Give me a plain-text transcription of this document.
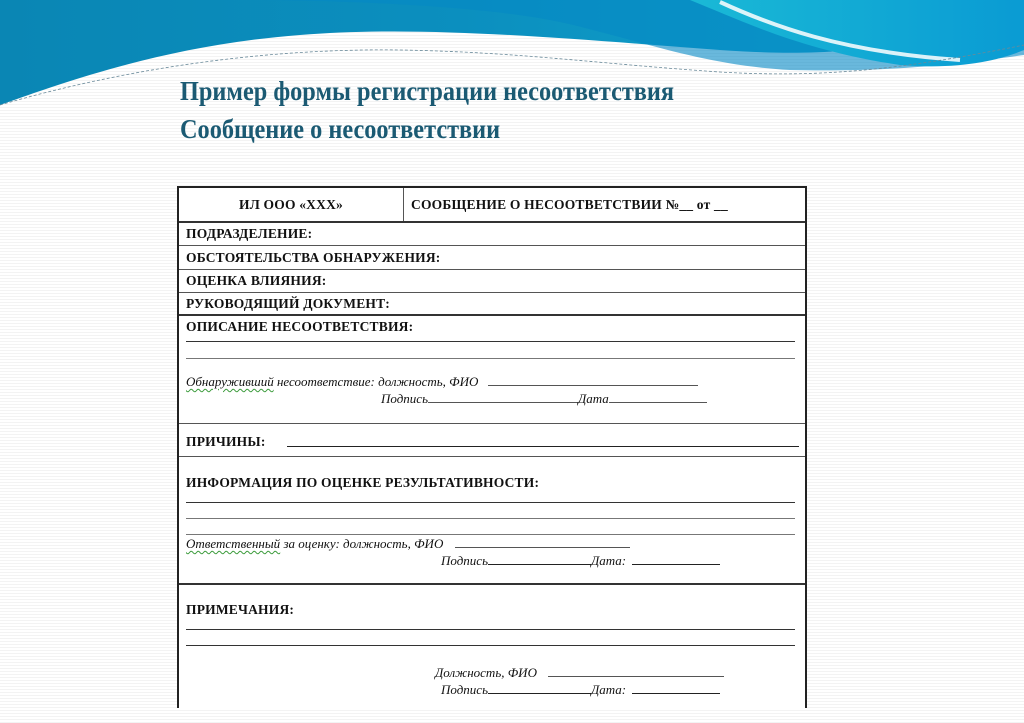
Пример формы регистрации несоответствия
Сообщение о несоответствии
ИЛ ООО «ХХХ»	СООБЩЕНИЕ О НЕСООТВЕТСТВИИ №__ от __
ПОДРАЗДЕЛЕНИЕ:
ОБСТОЯТЕЛЬСТВА ОБНАРУЖЕНИЯ:
ОЦЕНКА ВЛИЯНИЯ:
РУКОВОДЯЩИЙ ДОКУМЕНТ:
ОПИСАНИЕ НЕСООТВЕТСТВИЯ:
Обнаруживший несоответствие: должность, ФИО
Подпись	Дата
ПРИЧИНЫ:
ИНФОРМАЦИЯ ПО ОЦЕНКЕ РЕЗУЛЬТАТИВНОСТИ:
Ответственный за оценку: должность, ФИО
Подпись	Дата:
ПРИМЕЧАНИЯ:
Должность, ФИО
Подпись	Дата:
